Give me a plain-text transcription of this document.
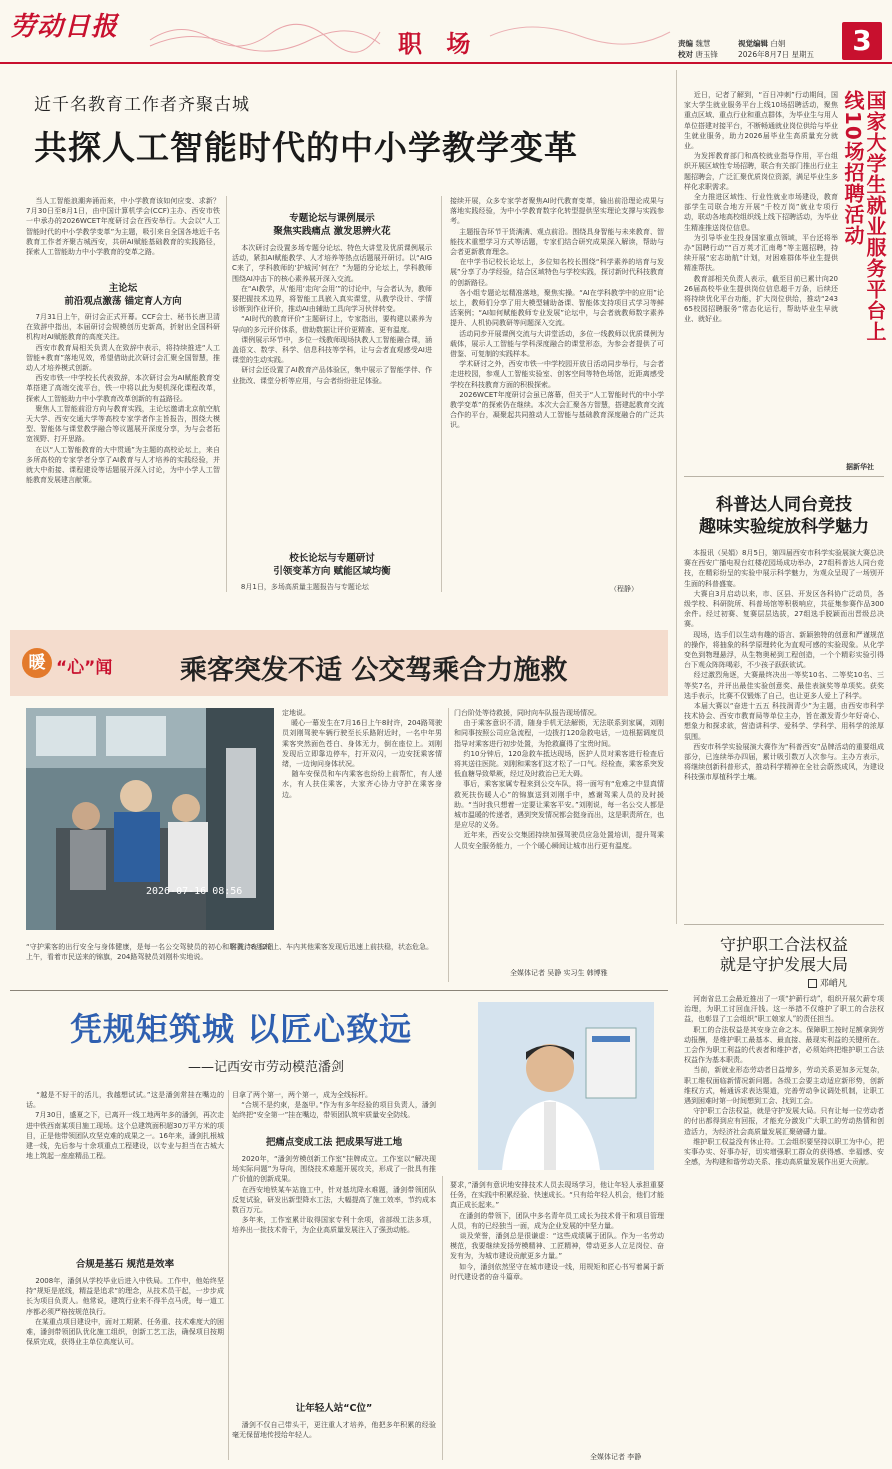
劳动日报
职 场	责编 魏慧
校对 唐玉锋
视觉编辑 白娟
2026年8月7日 星期五	3
近千名教育工作者齐聚古城
共探人工智能时代的中小学教学变革
当人工智能浪潮奔涌而来，中小学教育该如何应变、求新？7月30日至8月1日，由中国计算机学会(CCF)主办、西安市铁一中承办的2026WCET年度研讨会在西安举行。大会以“人工智能时代的中小学教学变革”为主题，吸引来自全国各地近千名教育工作者齐聚古城西安，共研AI赋能基础教育的实践路径，探索人工智能助力中小学教育的变革之路。
主论坛
前沿观点激荡 锚定育人方向
7月31日上午，研讨会正式开幕。CCF会士、秘书长唐卫清在致辞中指出，本届研讨会规模创历史新高，折射出全国科研机构对AI赋能教育的高度关注。
西安市教育局相关负责人在致辞中表示，将持续推进“人工智能+教育”落地见效，希望借助此次研讨会汇聚全国智慧，推动人才培养模式创新。
西安市铁一中学校长代表致辞，本次研讨会为AI赋能教育变革搭建了高端交流平台，铁一中将以此为契机深化课程改革，探索人工智能助力中小学教育改革创新的有益路径。
聚焦人工智能前沿方向与教育实践，主论坛邀请北京航空航天大学、西安交通大学等高校专家学者作主旨报告，围绕大模型、智能体与课堂教学融合等议题展开深度分享，为与会者拓宽视野、打开思路。
在以“人工智能教育的大中贯通”为主题的高校论坛上，来自多所高校的专家学者分享了AI教育与人才培养的实践经验，并就大中衔接、课程建设等话题展开深入讨论，为中小学人工智能教育发展建言献策。
专题论坛与课例展示
聚焦实践痛点 激发思辨火花
本次研讨会设置多场专题分论坛、特色大讲堂及优质课例展示活动，紧扣AI赋能教学、人才培养等热点话题展开研讨。以“AIGC来了，学科教师的‘护城河’何在？”为题的分论坛上，学科教师围绕AI冲击下的核心素养展开深入交流。
在“AI教学，从‘能用’走向‘会用’”的讨论中，与会者认为，教师要把握技术边界，将智能工具嵌入真实课堂，从教学设计、学情诊断到作业评价，推动AI由辅助工具向学习伙伴转变。
“AI时代的教育评价”主题研讨上，专家指出，要构建以素养为导向的多元评价体系，借助数据让评价更精准、更有温度。
课例展示环节中，多位一线教师现场执教人工智能融合课，涵盖语文、数学、科学、信息科技等学科，让与会者直观感受AI进课堂的生动实践。
研讨会还设置了AI教育产品体验区，集中展示了智能学伴、作业批改、课堂分析等应用，与会者纷纷驻足体验。
校长论坛与专题研讨
引领变革方向 赋能区域均衡
8月1日，多场高质量主题报告与专题论坛
接续开展，众多专家学者聚焦AI时代教育变革，输出前沿理论成果与落地实践经验，为中小学教育数字化转型提供坚实理论支撑与实践参考。
主题报告环节干货满满、观点前沿。围绕具身智能与未来教育、智能技术重塑学习方式等话题，专家们结合研究成果深入解读，帮助与会者更新教育理念。
在中学书记校长论坛上，多位知名校长围绕“科学素养的培育与发展”分享了办学经验，结合区域特色与学校实践，探讨新时代科技教育的创新路径。
各小组专题论坛精准落地，聚焦实操。“AI在学科教学中的应用”论坛上，教师们分享了用大模型辅助备课、智能体支持项目式学习等鲜活案例；“AI如何赋能教师专业发展”论坛中，与会者就教师数字素养提升、人机协同教研等问题深入交流。
活动同步开展课例交流与大讲堂活动，多位一线教师以优质课例为载体，展示人工智能与学科深度融合的课堂形态，为参会者提供了可借鉴、可复制的实践样本。
学术研讨之外，西安市铁一中学校园开放日活动同步举行，与会者走进校园，参观人工智能实验室、创客空间等特色场馆，近距离感受学校在科技教育方面的积极探索。
2026WCET年度研讨会虽已落幕，但关于“人工智能时代的中小学教学变革”的探索仍在继续。本次大会汇聚各方智慧，搭建起教育交流合作的平台，凝聚起共同推动人工智能与基础教育深度融合的广泛共识。
（程静）
近日，记者了解到，“百日冲刺”行动期间，国家大学生就业服务平台上线10场招聘活动，聚焦重点区域、重点行业和重点群体，为毕业生与用人单位搭建对接平台，不断畅通就业岗位供给与毕业生就业服务，助力2026届毕业生高质量充分就业。
为发挥教育部门和高校就业指导作用，平台组织开展区域性专场招聘，联合有关部门推出行业主题招聘会，广泛汇聚优质岗位资源，满足毕业生多样化求职需求。
全力推进区域性、行业性就业市场建设，教育部学生司联合地方开展“千校万岗”就业专项行动，联动各地高校组织线上线下招聘活动，为毕业生精准推送岗位信息。
为引导毕业生投身国家重点领域，平台还将举办“国聘行动”“百万英才汇南粤”等主题招聘，持续开展“宏志助航”计划，对困难群体毕业生提供精准帮扶。
教育部相关负责人表示，截至目前已累计向2026届高校毕业生提供岗位信息超千万条，后续还将持续优化平台功能，扩大岗位供给，推动“24365校园招聘服务”常态化运行，帮助毕业生早就业、就好业。	国家大学生就业服务平台上线10场招聘活动
据新华社
科普达人同台竞技
趣味实验绽放科学魅力
本报讯（吴娟）8月5日，第四届西安市科学实验展演大赛总决赛在西安广播电视台红楼花园场成功举办，27组科普达人同台竞技，在精彩纷呈的实验中展示科学魅力，为观众呈现了一场别开生面的科普盛宴。
大赛自3月启动以来，市、区县、开发区各科协广泛动员，各级学校、科研院所、科普场馆等积极响应，共征集参赛作品300余件。经过初赛、复赛层层选拔，27组选手脱颖而出晋级总决赛。
现场，选手们以生动有趣的语言、新颖独特的创意和严谨规范的操作，将抽象的科学原理转化为直观可感的实验现象。从化学变色到物理悬浮，从生物奥秘到工程创造，一个个精彩实验引得台下观众阵阵喝彩，不少孩子跃跃欲试。
经过激烈角逐，大赛最终决出一等奖10名、二等奖10名、三等奖7名，并评出最佳实验创意奖、最佳表演奖等单项奖。获奖选手表示，比赛不仅锻炼了自己，也让更多人爱上了科学。
本届大赛以“奋进十五五 科技润青少”为主题，由西安市科学技术协会、西安市教育局等单位主办，旨在激发青少年好奇心、想象力和探求欲，营造讲科学、爱科学、学科学、用科学的浓厚氛围。
西安市科学实验展演大赛作为“科普西安”品牌活动的重要组成部分，已连续举办四届，累计吸引数万人次参与。主办方表示，将继续创新科普形式，推动科学精神在全社会蔚然成风，为建设科技强市厚植科学土壤。
暖 “心”闻	乘客突发不适 公交驾乘合力施救
2026-07-16 08:56
“守护乘客的出行安全与身体健康，是每一名公交驾驶员的初心和职责。”8月2日上午，看着市民送来的锦旗，204路驾驶员刘刚朴实地说。
定地说。
暖心一幕发生在7月16日上午8时许，204路驾驶员刘刚驾驶车辆行驶至长乐路附近时，一名中年男乘客突然面色苍白、身体无力，倒在座位上。刘刚发现后立即靠边停车，打开双闪，一边安抚乘客情绪，一边询问身体状况。
随车安保员和车内乘客也纷纷上前帮忙，有人递水，有人扶住乘客，大家齐心协力守护在乘客身边。
客被待在座椅上、车内其他乘客发现后迅速上前扶稳，状态危急。
门台阶处等待救援，同时向车队报告现场情况。
由于乘客意识不清，随身手机无法解锁，无法联系到家属，刘刚和同事按照公司应急流程，一边拨打120急救电话，一边根据调度员指导对乘客进行初步处置，为抢救赢得了宝贵时间。
约10分钟后，120急救车抵达现场，医护人员对乘客进行检查后将其送往医院。刘刚和乘客们这才松了一口气。经检查，乘客系突发低血糖导致晕厥，经过及时救治已无大碍。
事后，乘客家属专程来到公交车队，将一面写有“危难之中显真情 救死扶伤暖人心”的锦旗送到刘刚手中，感谢驾乘人员的及时援助。“当时我只想着一定要让乘客平安。”刘刚说，每一名公交人都是城市温暖的传递者，遇到突发情况都会挺身而出，这是职责所在，也是应尽的义务。
近年来，西安公交集团持续加强驾驶员应急处置培训，提升驾乘人员安全服务能力，一个个暖心瞬间让城市出行更有温度。
全媒体记者 吴静 实习生 韩博雅
守护职工合法权益
就是守护发展大局
邓峭凡
河南省总工会最近推出了一项“护薪行动”，组织开展欠薪专项治理，为职工讨回血汗钱。这一举措不仅维护了职工的合法权益，也彰显了工会组织“职工娘家人”的责任担当。
职工的合法权益是其安身立命之本。保障职工按时足额拿到劳动报酬，是维护职工最基本、最直接、最现实利益的关键所在。工会作为职工利益的代表者和维护者，必须始终把维护职工合法权益作为基本职责。
当前，新就业形态劳动者日益增多，劳动关系更加多元复杂，职工维权面临新情况新问题。各级工会要主动适应新形势，创新维权方式，畅通诉求表达渠道，完善劳动争议调处机制，让职工遇到困难时第一时间想到工会、找到工会。
守护职工合法权益，就是守护发展大局。只有让每一位劳动者的付出都得到应有回报，才能充分激发广大职工的劳动热情和创造活力，为经济社会高质量发展汇聚磅礴力量。
维护职工权益没有休止符。工会组织要坚持以职工为中心，把实事办实、好事办好，切实增强职工群众的获得感、幸福感、安全感，为构建和谐劳动关系、推动高质量发展作出更大贡献。
凭规矩筑城 以匠心致远
——记西安市劳动模范潘剑
“越是不好干的活儿，我越想试试。”这是潘剑常挂在嘴边的话。
7月30日，盛夏之下，已离开一线工地两年多的潘剑，再次走进中铁西南某项目施工现场。这个总建筑面积超30万平方米的项目，正是他带领团队攻坚克难的成果之一。16年来，潘剑扎根城建一线，先后参与十余项重点工程建设，以专业与担当在古城大地上筑起一座座精品工程。
合规是基石 规范是效率
2008年，潘剑从学校毕业后进入中铁局。工作中，他始终坚持“规矩是底线，精益是追求”的理念，从技术员干起，一步步成长为项目负责人。他常说，建筑行业来不得半点马虎，每一道工序都必须严格按规范执行。
在某重点项目建设中，面对工期紧、任务重、技术难度大的困难，潘剑带领团队优化施工组织，创新工艺工法，确保项目按期保质完成，获得业主单位高度认可。
目拿了两个第一，两个第一，成为全线标杆。
“合规不是约束，是盔甲。”作为有多年经验的项目负责人，潘剑始终把“安全第一”挂在嘴边，带领团队筑牢质量安全防线。
把痛点变成工法 把成果写进工地
2020年，“潘剑劳模创新工作室”挂牌成立。工作室以“解决现场实际问题”为导向，围绕技术难题开展攻关，形成了一批具有推广价值的创新成果。
在西安地铁某车站施工中，针对基坑降水难题，潘剑带领团队反复试验，研发出新型降水工法，大幅提高了施工效率，节约成本数百万元。
多年来，工作室累计取得国家专利十余项，省部级工法多项，培养出一批技术骨干，为企业高质量发展注入了强劲动能。
让年轻人站“C位”
潘剑不仅自己带头干，更注重人才培养，他把多年积累的经验毫无保留地传授给年轻人。
要求，”潘剑有意识地安排技术人员去现场学习，他让年轻人承担重要任务，在实践中积累经验、快速成长。“只有给年轻人机会，他们才能真正成长起来。”
在潘剑的带领下，团队中多名青年员工成长为技术骨干和项目管理人员，有的已经独当一面，成为企业发展的中坚力量。
谈及荣誉，潘剑总是很谦虚：“这些成绩属于团队。作为一名劳动模范，我要继续发扬劳模精神、工匠精神，带动更多人立足岗位、奋发有为，为城市建设贡献更多力量。”
如今，潘剑依然坚守在城市建设一线，用规矩和匠心书写着属于新时代建设者的奋斗篇章。
全媒体记者 李静
